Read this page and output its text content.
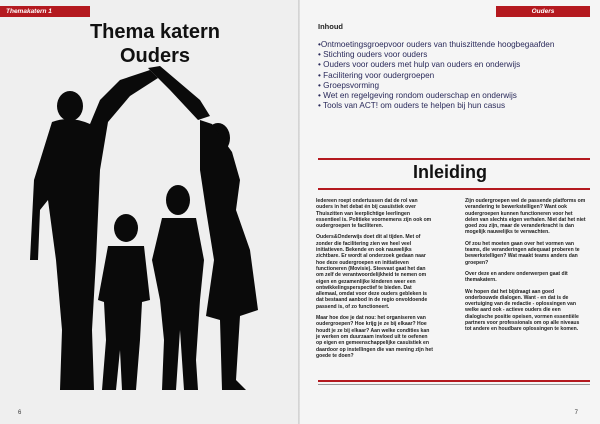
Themakatern 1
Thema katern
Ouders
6
Ouders
Inhoud
•Ontmoetingsgroepvoor ouders van thuiszittende hoogbegaafden
• Stichting ouders voor ouders
• Ouders voor ouders met hulp van ouders en onderwijs
• Facilitering voor oudergroepen
• Groepsvorming
• Wet en regelgeving rondom ouderschap en onderwijs
• Tools van ACT! om ouders te helpen bij hun casus
Inleiding
7

Iedereen roept ondertussen dat de rol van ouders in het debat én bij casuïstiek over Thuiszitten van leerplichtige leerlingen essentieel is. Politieke voornemens zijn ook om oudergroepen te faciliteren.

Ouders&Onderwijs doet dit al tijden. Met of zonder die facilitering zien we heel veel initiatieven. Bekende en ook nauwelijks zichtbare. Er wordt al onderzoek gedaan naar hoe deze oudergroepen en initiatieven functioneren (Movisie). Steevast gaat het dan om zelf de verantwoordelijkheid te nemen om eigen en gezamenlijke kinderen weer een ontwikkelingsperspectief te bieden. Dat allemaal, omdat voor deze ouders gebleken is dat bestaand aanbod in de regio onvoldoende passend is, of zo functioneert.

Maar hoe doe je dat nou: het organiseren van oudergroepen? Hoe krijg je ze bij elkaar? Hoe houdt je ze bij elkaar? Aan welke condities kan je werken om duurzaam invloed uit te oefenen op eigen en gemeenschappelijke casuïstiek en daardoor op instellingen die van mening zijn het goede te doen?

Zijn oudergroepen wel de passende platforms om verandering te bewerkstelligen? Want ook oudergroepen kunnen functioneren voor het delen van slechts eigen verhalen. Niet dat het niet goed zou zijn, maar de veranderkracht is dan mogelijk nauwelijks te verwachten.

Of zou het moeten gaan over het vormen van teams, die veranderingen adequaat proberen te bewerkstelligen? Wat maakt teams anders dan groepen?

Over deze en andere onderwerpen gaat dit themakatern.

We hopen dat het bijdraagt aan goed onderbouwde dialogen. Want - en dat is de overtuiging van de redactie - oplossingen van welke aard ook - actieve ouders die een dialogische positie opeisen, vormen essentiële partners voor professionals om op alle niveaus tot andere en houdbare oplossingen te komen.
